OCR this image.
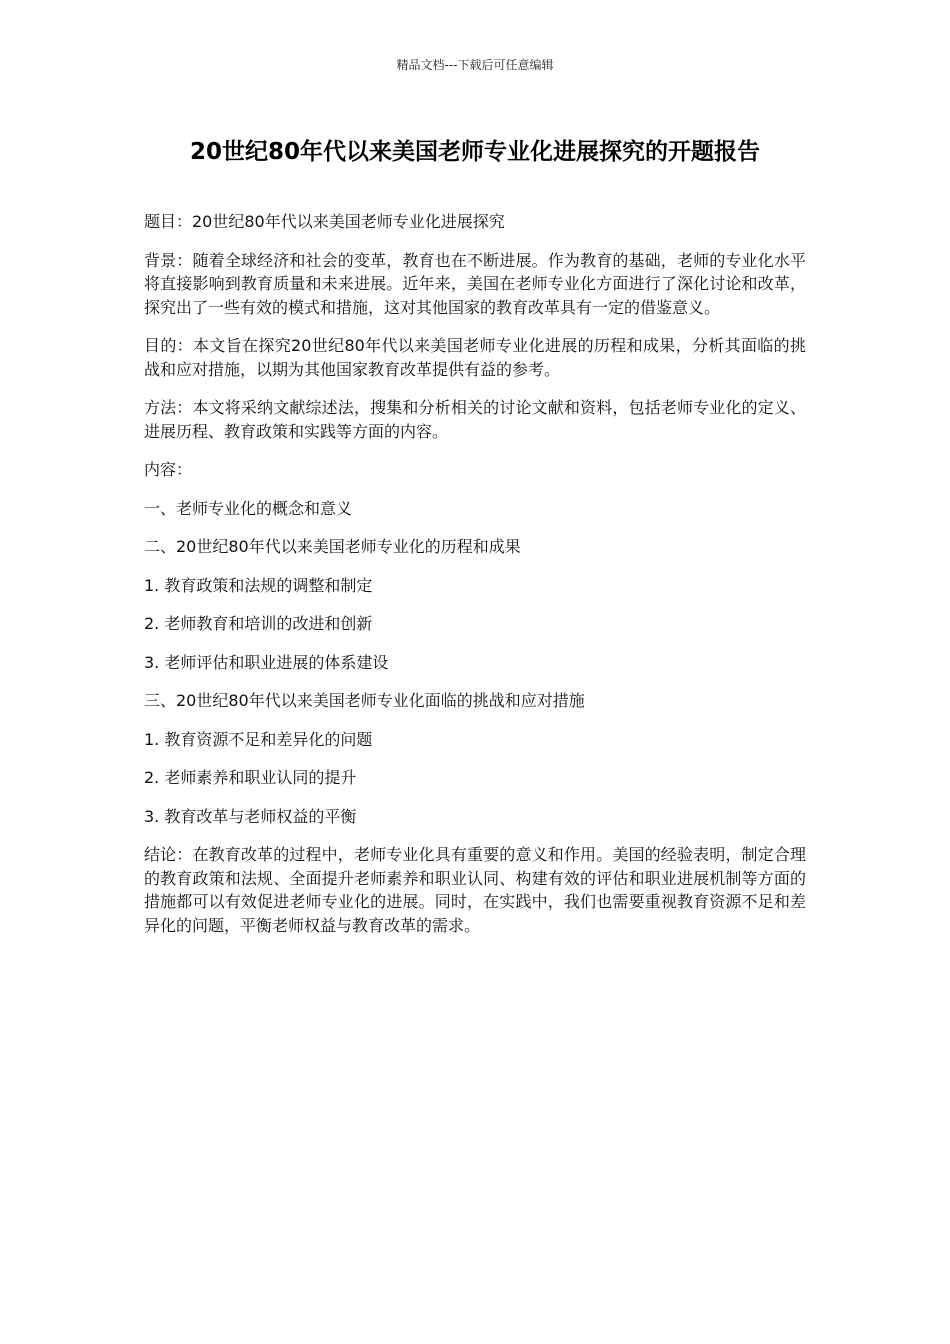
精品文档---下载后可任意编辑
20世纪80年代以来美国老师专业化进展探究的开题报告

题目：20世纪80年代以来美国老师专业化进展探究

背景：随着全球经济和社会的变革，教育也在不断进展。作为教育的基础，老师的专业化水平将直接影响到教育质量和未来进展。近年来，美国在老师专业化方面进行了深化讨论和改革，探究出了一些有效的模式和措施，这对其他国家的教育改革具有一定的借鉴意义。

目的：本文旨在探究20世纪80年代以来美国老师专业化进展的历程和成果，分析其面临的挑战和应对措施，以期为其他国家教育改革提供有益的参考。

方法：本文将采纳文献综述法，搜集和分析相关的讨论文献和资料，包括老师专业化的定义、进展历程、教育政策和实践等方面的内容。

内容：

一、老师专业化的概念和意义

二、20世纪80年代以来美国老师专业化的历程和成果

1. 教育政策和法规的调整和制定

2. 老师教育和培训的改进和创新

3. 老师评估和职业进展的体系建设

三、20世纪80年代以来美国老师专业化面临的挑战和应对措施

1. 教育资源不足和差异化的问题

2. 老师素养和职业认同的提升

3. 教育改革与老师权益的平衡

结论：在教育改革的过程中，老师专业化具有重要的意义和作用。美国的经验表明，制定合理的教育政策和法规、全面提升老师素养和职业认同、构建有效的评估和职业进展机制等方面的措施都可以有效促进老师专业化的进展。同时，在实践中，我们也需要重视教育资源不足和差异化的问题，平衡老师权益与教育改革的需求。
